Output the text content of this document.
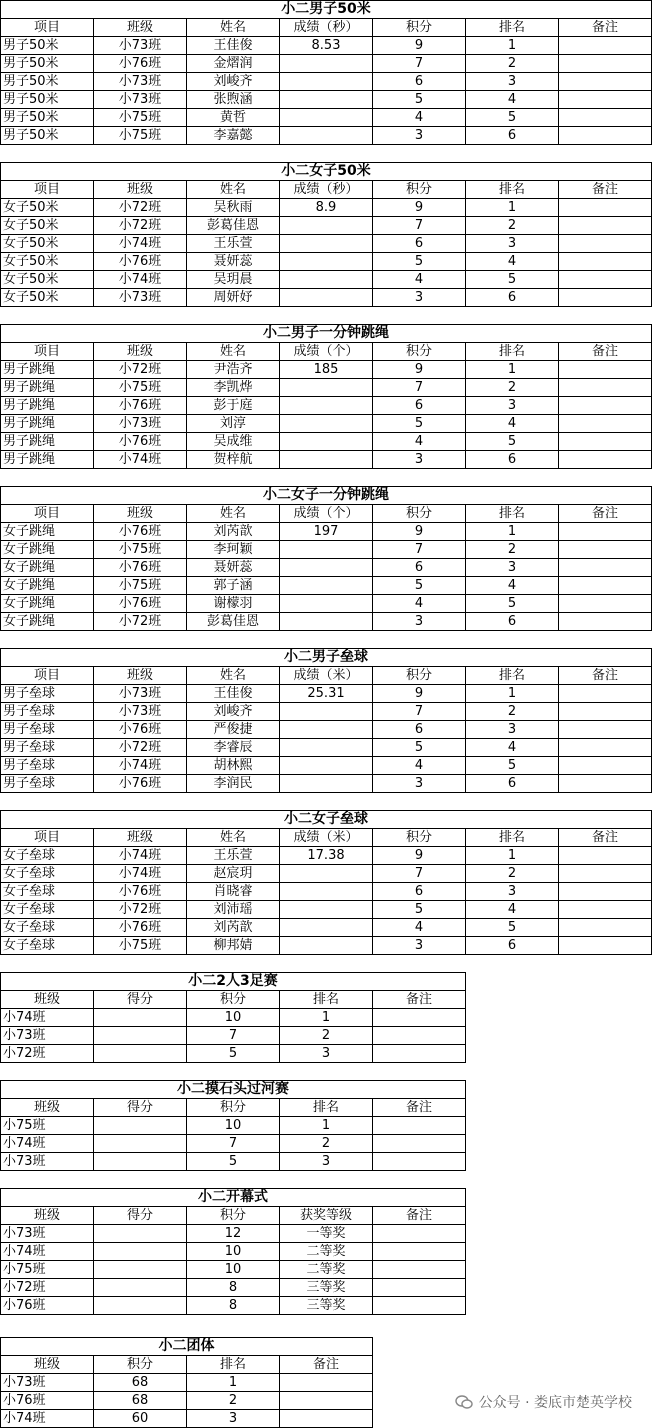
小二男子50米						
项目	班级	姓名	成绩（秒）	积分	排名	备注
男子50米	小73班	王佳俊	8.53	9	1	
男子50米	小76班	金熠润		7	2	
男子50米	小73班	刘峻齐		6	3	
男子50米	小73班	张煦涵		5	4	
男子50米	小75班	黄哲		4	5	
男子50米	小75班	李嘉懿		3	6	
小二女子50米						
项目	班级	姓名	成绩（秒）	积分	排名	备注
女子50米	小72班	吴秋雨	8.9	9	1	
女子50米	小72班	彭葛佳恩		7	2	
女子50米	小74班	王乐萱		6	3	
女子50米	小76班	聂妍蕊		5	4	
女子50米	小74班	吴玥晨		4	5	
女子50米	小73班	周妍妤		3	6	
小二男子一分钟跳绳						
项目	班级	姓名	成绩（个）	积分	排名	备注
男子跳绳	小72班	尹浩齐	185	9	1	
男子跳绳	小75班	李凯烨		7	2	
男子跳绳	小76班	彭于庭		6	3	
男子跳绳	小73班	刘淳		5	4	
男子跳绳	小76班	吴成维		4	5	
男子跳绳	小74班	贺梓航		3	6	
小二女子一分钟跳绳						
项目	班级	姓名	成绩（个）	积分	排名	备注
女子跳绳	小76班	刘芮歆	197	9	1	
女子跳绳	小75班	李珂颖		7	2	
女子跳绳	小76班	聂妍蕊		6	3	
女子跳绳	小75班	郭子涵		5	4	
女子跳绳	小76班	谢檬羽		4	5	
女子跳绳	小72班	彭葛佳恩		3	6	
小二男子垒球						
项目	班级	姓名	成绩（米）	积分	排名	备注
男子垒球	小73班	王佳俊	25.31	9	1	
男子垒球	小73班	刘峻齐		7	2	
男子垒球	小76班	严俊捷		6	3	
男子垒球	小72班	李睿辰		5	4	
男子垒球	小74班	胡林熙		4	5	
男子垒球	小76班	李润民		3	6	
小二女子垒球						
项目	班级	姓名	成绩（米）	积分	排名	备注
女子垒球	小74班	王乐萱	17.38	9	1	
女子垒球	小74班	赵宸玥		7	2	
女子垒球	小76班	肖晓睿		6	3	
女子垒球	小72班	刘沛瑶		5	4	
女子垒球	小76班	刘芮歆		4	5	
女子垒球	小75班	柳邦婧		3	6	
小二2人3足赛				
班级	得分	积分	排名	备注
小74班		10	1	
小73班		7	2	
小72班		5	3	
小二摸石头过河赛				
班级	得分	积分	排名	备注
小75班		10	1	
小74班		7	2	
小73班		5	3	
小二开幕式				
班级	得分	积分	获奖等级	备注
小73班		12	一等奖	
小74班		10	二等奖	
小75班		10	二等奖	
小72班		8	三等奖	
小76班		8	三等奖	
小二团体			
班级	积分	排名	备注
小73班	68	1	
小76班	68	2	
小74班	60	3	
公众号 · 娄底市楚英学校
